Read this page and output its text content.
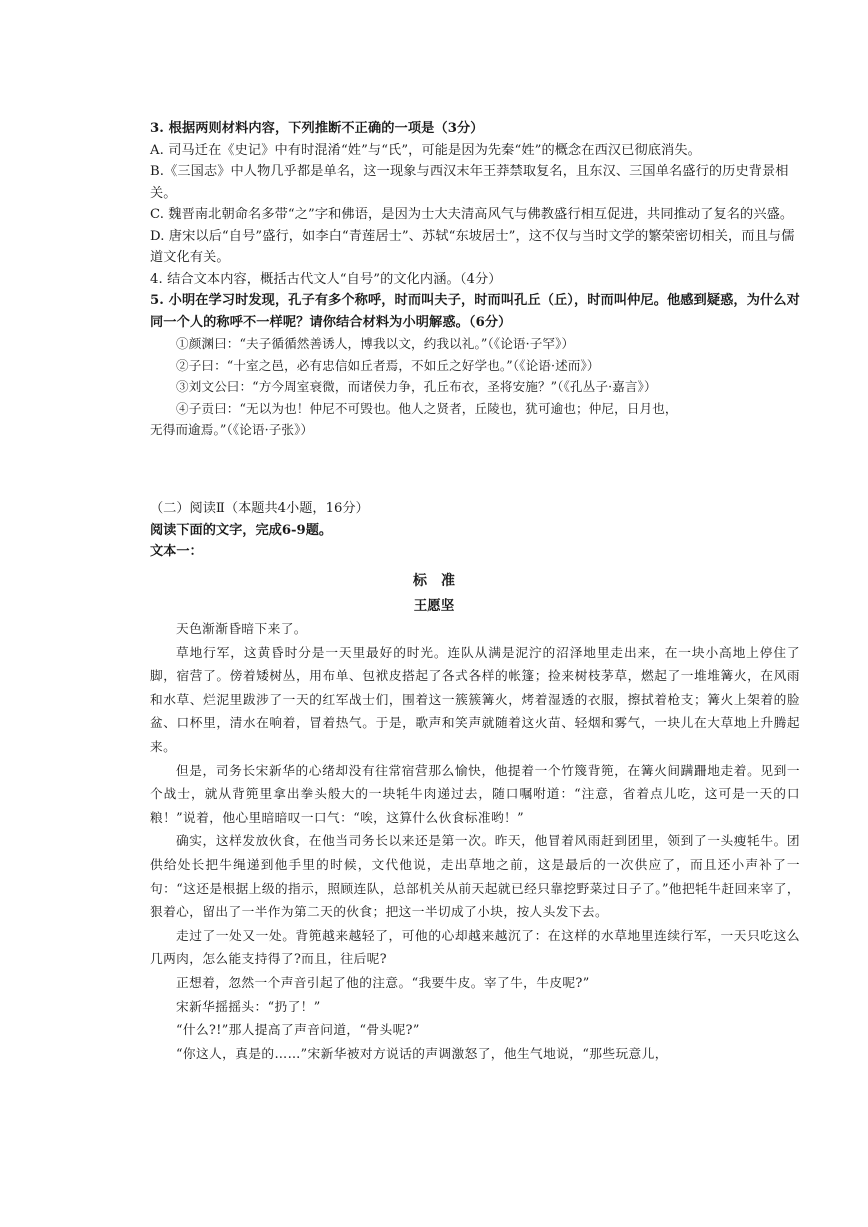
3. 根据两则材料内容，下列推断不正确的一项是（3分）

A. 司马迁在《史记》中有时混淆“姓”与“氏”，可能是因为先秦“姓”的概念在西汉已彻底消失。

B.《三国志》中人物几乎都是单名，这一现象与西汉末年王莽禁取复名，且东汉、三国单名盛行的历史背景相关。

C. 魏晋南北朝命名多带“之”字和佛语，是因为士大夫清高风气与佛教盛行相互促进，共同推动了复名的兴盛。

D. 唐宋以后“自号”盛行，如李白“青莲居士”、苏轼“东坡居士”，这不仅与当时文学的繁荣密切相关，而且与儒道文化有关。

4. 结合文本内容，概括古代文人“自号”的文化内涵。（4分）

5. 小明在学习时发现，孔子有多个称呼，时而叫夫子，时而叫孔丘（丘），时而叫仲尼。他感到疑惑，为什么对同一个人的称呼不一样呢？请你结合材料为小明解惑。（6分）

①颜渊曰：“夫子循循然善诱人，博我以文，约我以礼。”（《论语·子罕》）

②子曰：“十室之邑，必有忠信如丘者焉，不如丘之好学也。”（《论语·述而》）

③刘文公曰：“方今周室衰微，而诸侯力争，孔丘布衣，圣将安施？”（《孔丛子·嘉言》）

④子贡曰：“无以为也！仲尼不可毁也。他人之贤者，丘陵也，犹可逾也；仲尼，日月也，

无得而逾焉。”（《论语·子张》）

（二）阅读Ⅱ（本题共4小题，16分）

阅读下面的文字，完成6-9题。

文本一：

标　准
王愿坚

天色渐渐昏暗下来了。

草地行军，这黄昏时分是一天里最好的时光。连队从满是泥泞的沼泽地里走出来，在一块小高地上停住了脚，宿营了。傍着矮树丛，用布单、包袱皮搭起了各式各样的帐篷；捡来树枝茅草，燃起了一堆堆篝火，在风雨和水草、烂泥里跋涉了一天的红军战士们，围着这一簇簇篝火，烤着湿透的衣服，擦拭着枪支；篝火上架着的脸盆、口杯里，清水在响着，冒着热气。于是，歌声和笑声就随着这火苗、轻烟和雾气，一块儿在大草地上升腾起来。

但是，司务长宋新华的心绪却没有往常宿营那么愉快，他提着一个竹篾背篼，在篝火间蹒跚地走着。见到一个战士，就从背篼里拿出拳头般大的一块牦牛肉递过去，随口嘱咐道：“注意，省着点儿吃，这可是一天的口粮！”说着，他心里暗暗叹一口气：“唉，这算什么伙食标准哟！”

确实，这样发放伙食，在他当司务长以来还是第一次。昨天，他冒着风雨赶到团里，领到了一头瘦牦牛。团供给处长把牛绳递到他手里的时候，文代他说，走出草地之前，这是最后的一次供应了，而且还小声补了一句：“这还是根据上级的指示，照顾连队，总部机关从前天起就已经只靠挖野菜过日子了。”他把牦牛赶回来宰了，狠着心，留出了一半作为第二天的伙食；把这一半切成了小块，按人头发下去。

走过了一处又一处。背篼越来越轻了，可他的心却越来越沉了：在这样的水草地里连续行军，一天只吃这么几两肉，怎么能支持得了?而且，往后呢?

正想着，忽然一个声音引起了他的注意。“我要牛皮。宰了牛，牛皮呢?”

宋新华摇摇头：“扔了！”

“什么?!”那人提高了声音问道，“骨头呢?”

“你这人，真是的……”宋新华被对方说话的声调激怒了，他生气地说，“那些玩意儿，
